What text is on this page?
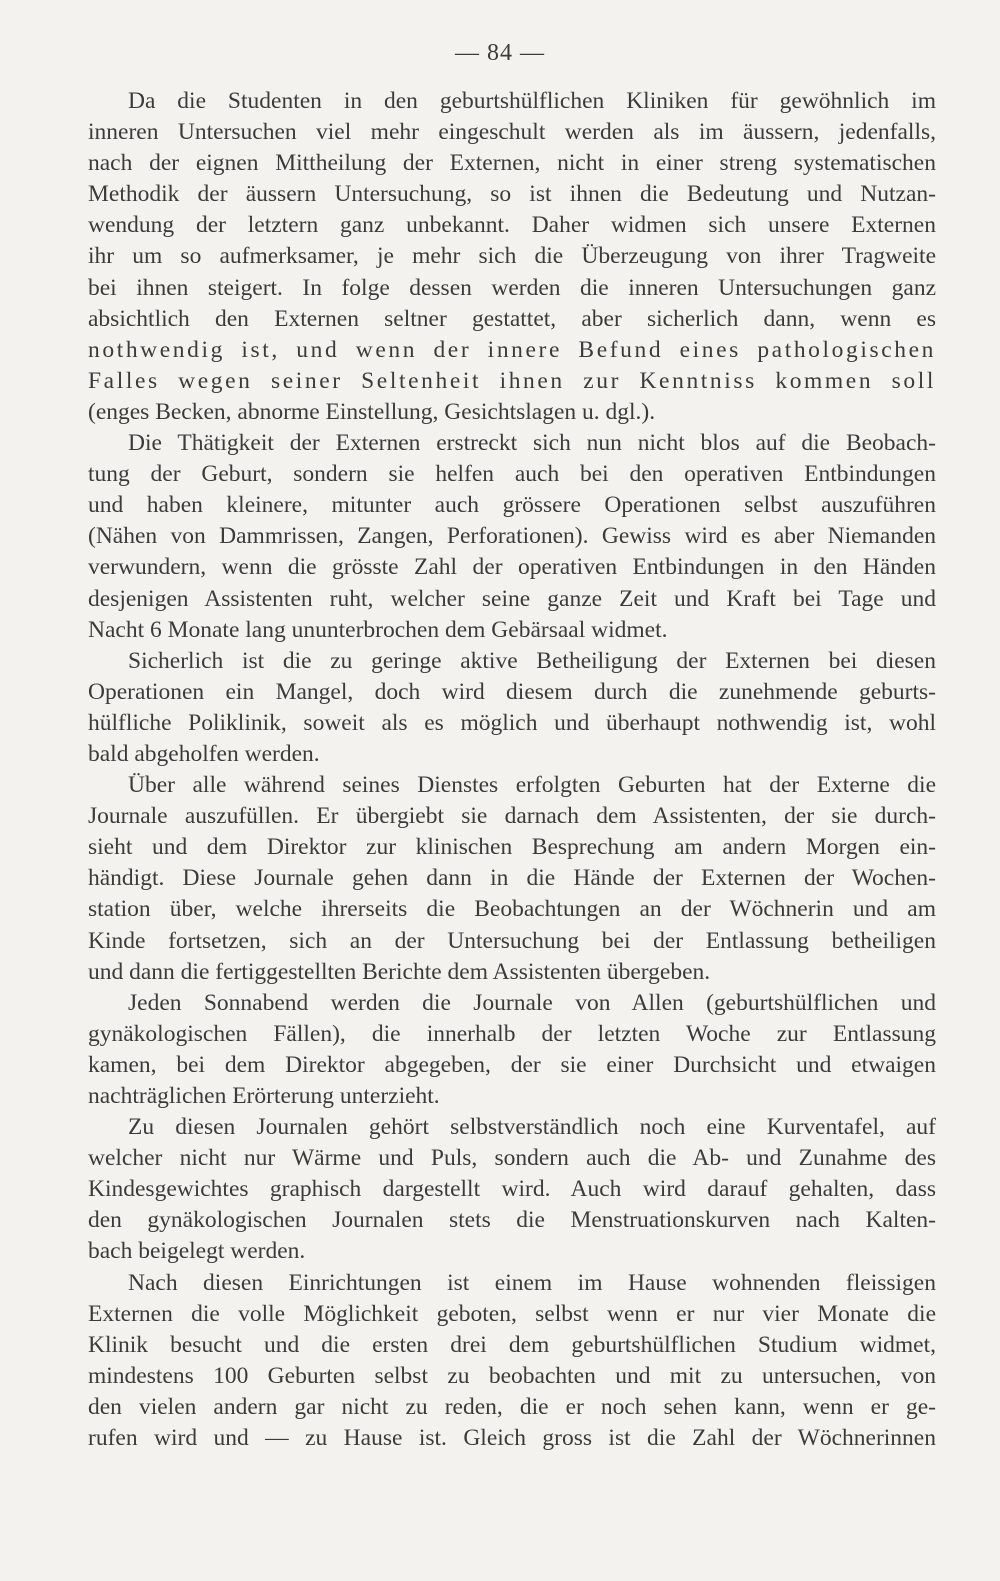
— 84 —
Da die Studenten in den geburtshülflichen Kliniken für gewöhnlich im
inneren Untersuchen viel mehr eingeschult werden als im äussern, jedenfalls,
nach der eignen Mittheilung der Externen, nicht in einer streng systematischen
Methodik der äussern Untersuchung, so ist ihnen die Bedeutung und Nutzan-
wendung der letztern ganz unbekannt. Daher widmen sich unsere Externen
ihr um so aufmerksamer, je mehr sich die Überzeugung von ihrer Tragweite
bei ihnen steigert. In folge dessen werden die inneren Untersuchungen ganz
absichtlich den Externen seltner gestattet, aber sicherlich dann, wenn es
nothwendig ist, und wenn der innere Befund eines pathologischen
Falles wegen seiner Seltenheit ihnen zur Kenntniss kommen soll
(enges Becken, abnorme Einstellung, Gesichtslagen u. dgl.).
Die Thätigkeit der Externen erstreckt sich nun nicht blos auf die Beobach-
tung der Geburt, sondern sie helfen auch bei den operativen Entbindungen
und haben kleinere, mitunter auch grössere Operationen selbst auszuführen
(Nähen von Dammrissen, Zangen, Perforationen). Gewiss wird es aber Niemanden
verwundern, wenn die grösste Zahl der operativen Entbindungen in den Händen
desjenigen Assistenten ruht, welcher seine ganze Zeit und Kraft bei Tage und
Nacht 6 Monate lang ununterbrochen dem Gebärsaal widmet.
Sicherlich ist die zu geringe aktive Betheiligung der Externen bei diesen
Operationen ein Mangel, doch wird diesem durch die zunehmende geburts-
hülfliche Poliklinik, soweit als es möglich und überhaupt nothwendig ist, wohl
bald abgeholfen werden.
Über alle während seines Dienstes erfolgten Geburten hat der Externe die
Journale auszufüllen. Er übergiebt sie darnach dem Assistenten, der sie durch-
sieht und dem Direktor zur klinischen Besprechung am andern Morgen ein-
händigt. Diese Journale gehen dann in die Hände der Externen der Wochen-
station über, welche ihrerseits die Beobachtungen an der Wöchnerin und am
Kinde fortsetzen, sich an der Untersuchung bei der Entlassung betheiligen
und dann die fertiggestellten Berichte dem Assistenten übergeben.
Jeden Sonnabend werden die Journale von Allen (geburtshülflichen und
gynäkologischen Fällen), die innerhalb der letzten Woche zur Entlassung
kamen, bei dem Direktor abgegeben, der sie einer Durchsicht und etwaigen
nachträglichen Erörterung unterzieht.
Zu diesen Journalen gehört selbstverständlich noch eine Kurventafel, auf
welcher nicht nur Wärme und Puls, sondern auch die Ab- und Zunahme des
Kindesgewichtes graphisch dargestellt wird. Auch wird darauf gehalten, dass
den gynäkologischen Journalen stets die Menstruationskurven nach Kalten-
bach beigelegt werden.
Nach diesen Einrichtungen ist einem im Hause wohnenden fleissigen
Externen die volle Möglichkeit geboten, selbst wenn er nur vier Monate die
Klinik besucht und die ersten drei dem geburtshülflichen Studium widmet,
mindestens 100 Geburten selbst zu beobachten und mit zu untersuchen, von
den vielen andern gar nicht zu reden, die er noch sehen kann, wenn er ge-
rufen wird und — zu Hause ist. Gleich gross ist die Zahl der Wöchnerinnen
